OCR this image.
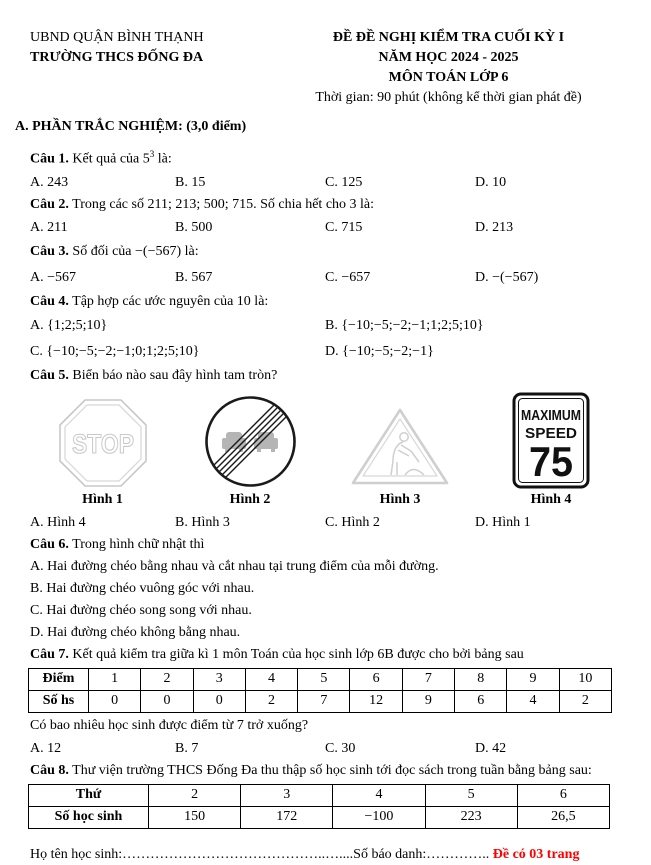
UBND QUẬN BÌNH THẠNH
TRƯỜNG THCS ĐỐNG ĐA
ĐỀ ĐỀ NGHỊ KIỂM TRA CUỐI KỲ I
NĂM HỌC 2024 - 2025
MÔN TOÁN LỚP 6
Thời gian: 90 phút (không kể thời gian phát đề)
A. PHẦN TRẮC NGHIỆM: (3,0 điểm)
Câu 1. Kết quả của $5^3$ là:
A. 243	B. 15	C. 125	D. 10
Câu 2. Trong các số 211; 213; 500; 715. Số chia hết cho 3 là:
A. 211	B. 500	C. 715	D. 213
Câu 3. Số đối của −(−567) là:
A. −567	B. 567	C. −657	D. −(−567)
Câu 4. Tập hợp các ước nguyên của 10 là:
A. {1;2;5;10}	B. {−10;−5;−2;−1;1;2;5;10}
C. {−10;−5;−2;−1;0;1;2;5;10}	D. {−10;−5;−2;−1}
Câu 5. Biển báo nào sau đây hình tam tròn?
STOP
MAXIMUM
SPEED
75
Hình 1	Hình 2	Hình 3	Hình 4
A. Hình 4	B. Hình 3	C. Hình 2	D. Hình 1
Câu 6. Trong hình chữ nhật thì
A. Hai đường chéo bằng nhau và cắt nhau tại trung điểm của mỗi đường.
B. Hai đường chéo vuông góc với nhau.
C. Hai đường chéo song song với nhau.
D. Hai đường chéo không bằng nhau.
Câu 7. Kết quả kiểm tra giữa kì 1 môn Toán của học sinh lớp 6B được cho bởi bảng sau
Điểm	1	2	3	4	5	6	7	8	9	10
Số hs	0	0	0	2	7	12	9	6	4	2
Có bao nhiêu học sinh được điểm từ 7 trở xuống?
A. 12	B. 7	C. 30	D. 42
Câu 8. Thư viện trường THCS Đống Đa thu thập số học sinh tới đọc sách trong tuần bằng bảng sau:
Thứ	2	3	4	5	6
Số học sinh	150	172	−100	223	26,5
Họ tên học sinh:……………………………………..…....Số báo danh:………….. Đề có 03 trang
